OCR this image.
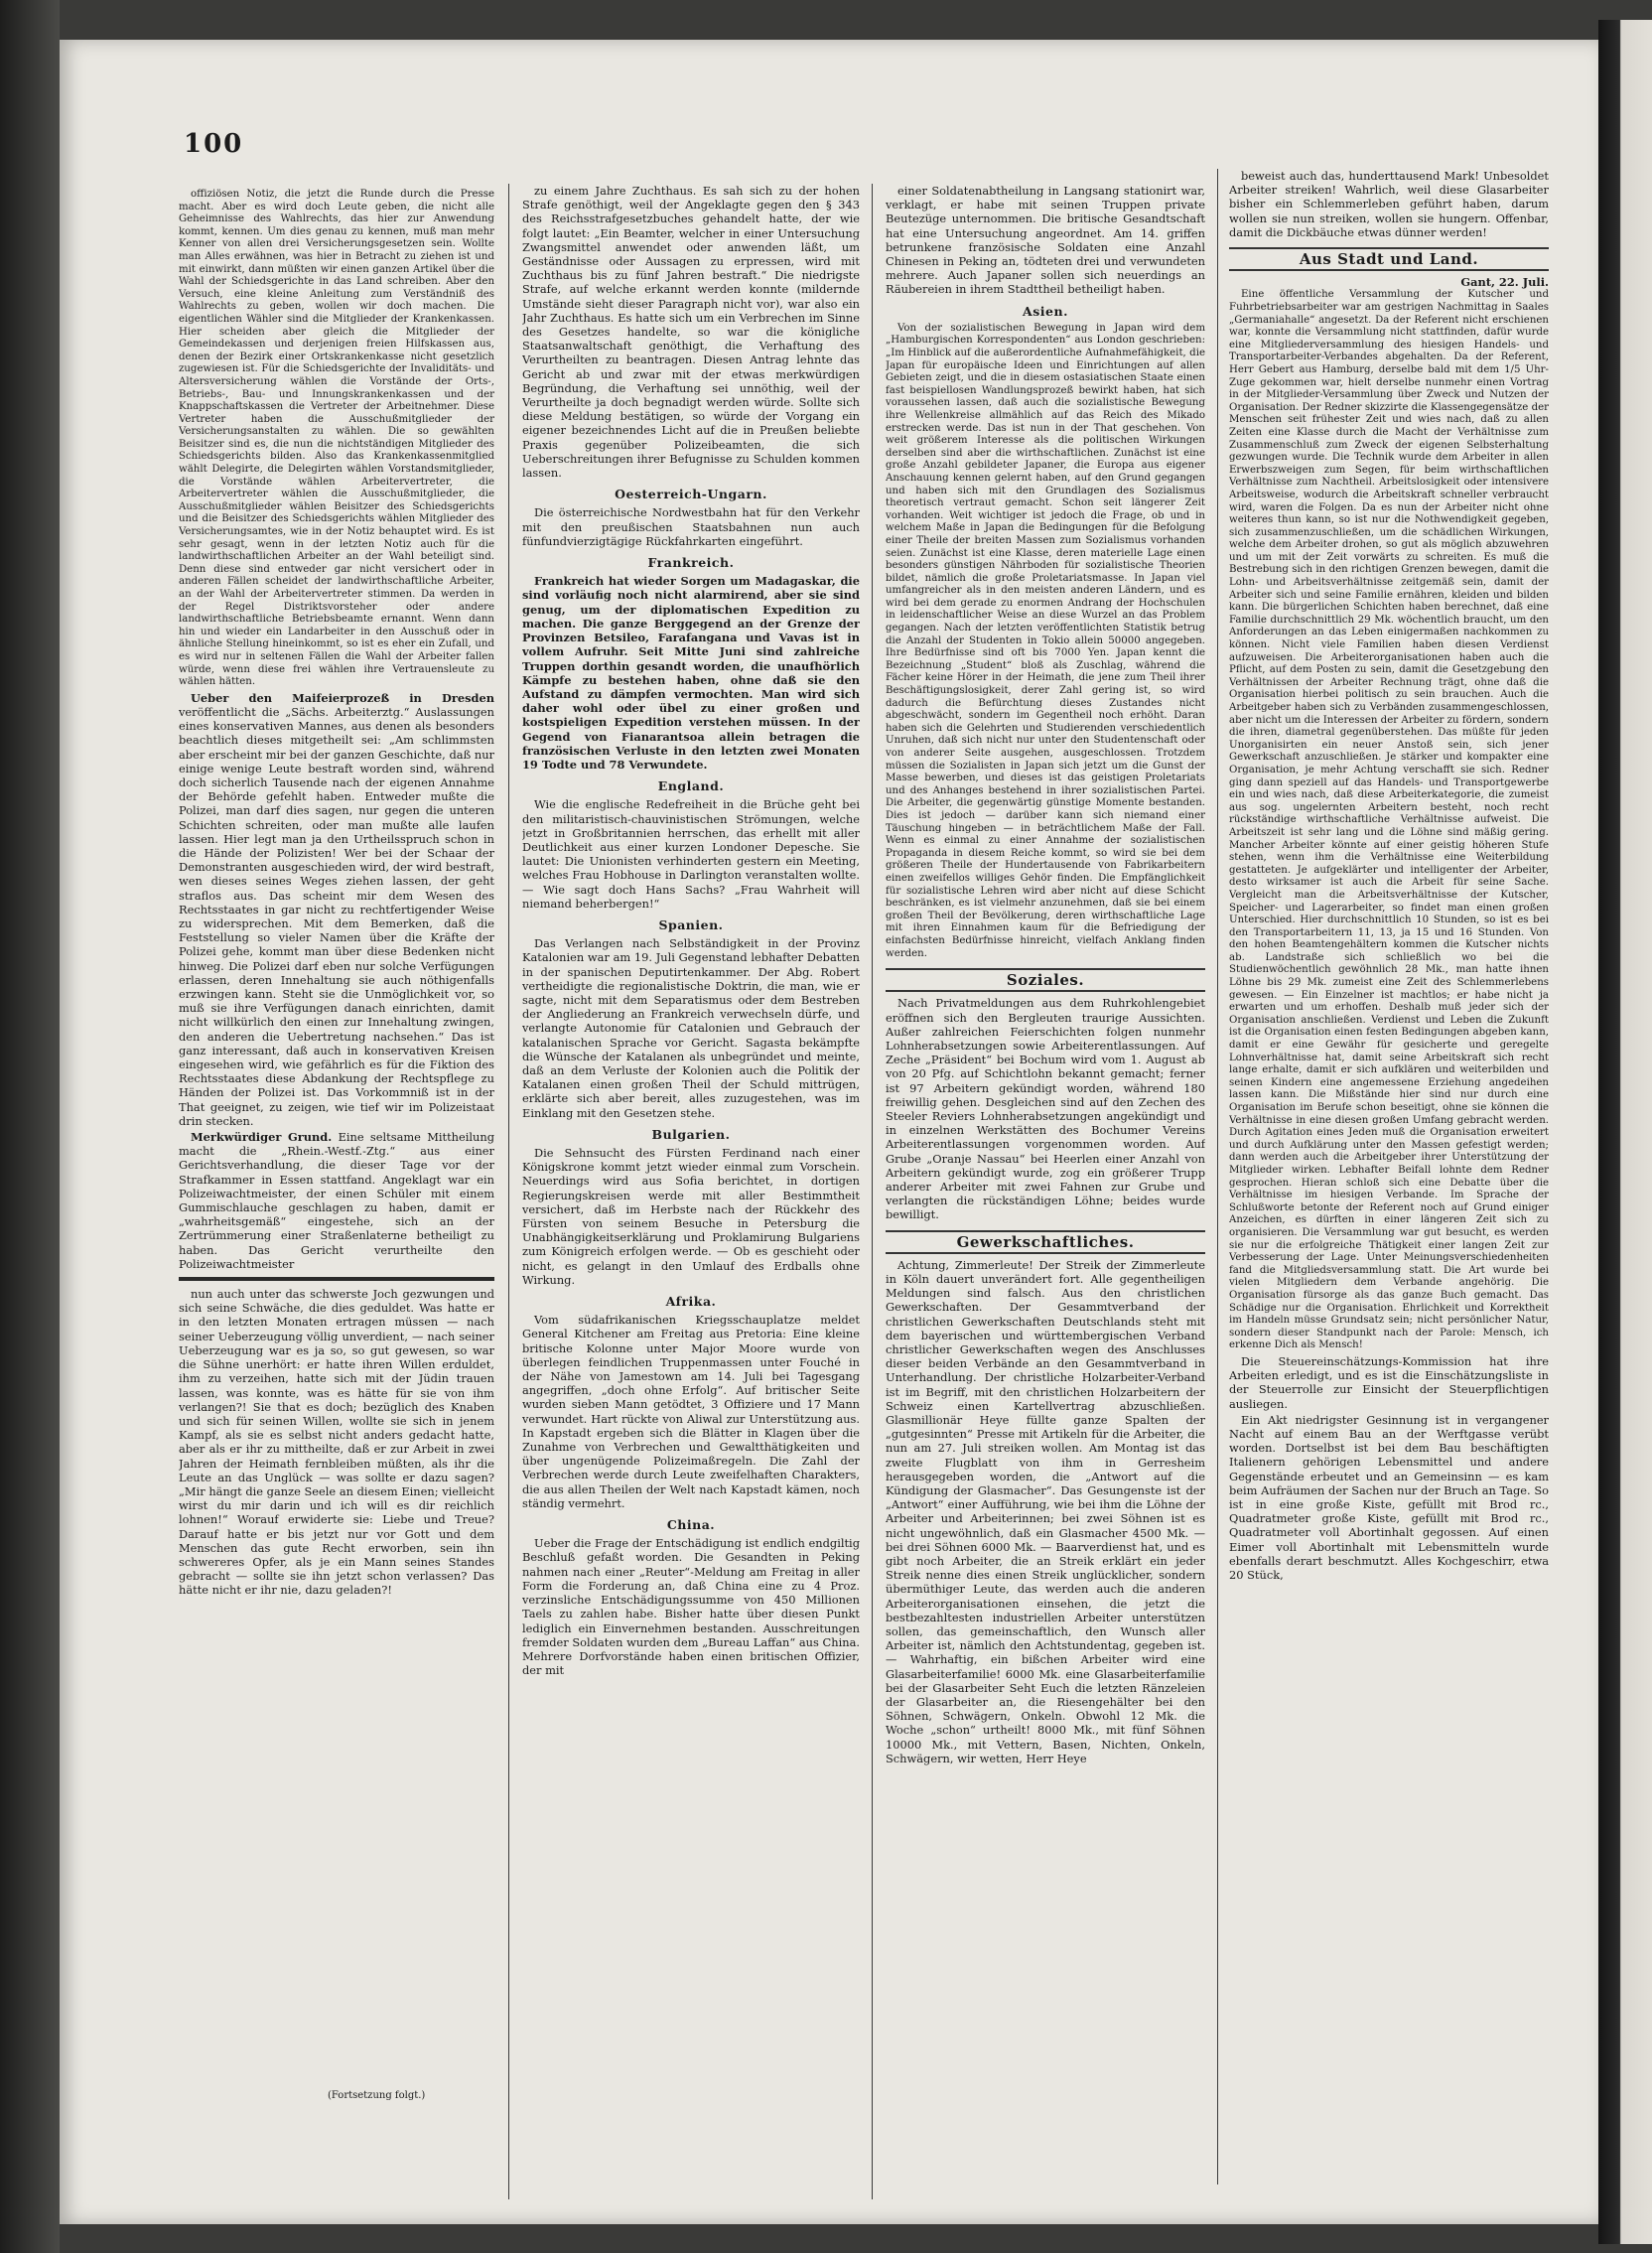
100

offiziösen Notiz, die jetzt die Runde durch die Presse macht. Aber es wird doch Leute geben, die nicht alle Geheimnisse des Wahlrechts, das hier zur Anwendung kommt, kennen. Um dies genau zu kennen, muß man mehr Kenner von allen drei Versicherungsgesetzen sein. Wollte man Alles erwähnen, was hier in Betracht zu ziehen ist und mit einwirkt, dann müßten wir einen ganzen Artikel über die Wahl der Schiedsgerichte in das Land schreiben. Aber den Versuch, eine kleine Anleitung zum Verständniß des Wahlrechts zu geben, wollen wir doch machen. Die eigentlichen Wähler sind die Mitglieder der Krankenkassen. Hier scheiden aber gleich die Mitglieder der Gemeindekassen und derjenigen freien Hilfskassen aus, denen der Bezirk einer Ortskrankenkasse nicht gesetzlich zugewiesen ist. Für die Schiedsgerichte der Invaliditäts- und Altersversicherung wählen die Vorstände der Orts-, Betriebs-, Bau- und Innungskrankenkassen und der Knappschaftskassen die Vertreter der Arbeitnehmer. Diese Vertreter haben die Ausschußmitglieder der Versicherungsanstalten zu wählen. Die so gewählten Beisitzer sind es, die nun die nichtständigen Mitglieder des Schiedsgerichts bilden. Also das Krankenkassenmitglied wählt Delegirte, die Delegirten wählen Vorstandsmitglieder, die Vorstände wählen Arbeitervertreter, die Arbeitervertreter wählen die Ausschußmitglieder, die Ausschußmitglieder wählen Beisitzer des Schiedsgerichts und die Beisitzer des Schiedsgerichts wählen Mitglieder des Versicherungsamtes, wie in der Notiz behauptet wird. Es ist sehr gesagt, wenn in der letzten Notiz auch für die landwirthschaftlichen Arbeiter an der Wahl beteiligt sind. Denn diese sind entweder gar nicht versichert oder in anderen Fällen scheidet der landwirthschaftliche Arbeiter, an der Wahl der Arbeitervertreter stimmen. Da werden in der Regel Distriktsvorsteher oder andere landwirthschaftliche Betriebsbeamte ernannt. Wenn dann hin und wieder ein Landarbeiter in den Ausschuß oder in ähnliche Stellung hineinkommt, so ist es eher ein Zufall, und es wird nur in seltenen Fällen die Wahl der Arbeiter fallen würde, wenn diese frei wählen ihre Vertrauensleute zu wählen hätten.

Ueber den Maifeierprozeß in Dresden veröffentlicht die „Sächs. Arbeiterztg.“ Auslassungen eines konservativen Mannes, aus denen als besonders beachtlich dieses mitgetheilt sei: „Am schlimmsten aber erscheint mir bei der ganzen Geschichte, daß nur einige wenige Leute bestraft worden sind, während doch sicherlich Tausende nach der eigenen Annahme der Behörde gefehlt haben. Entweder mußte die Polizei, man darf dies sagen, nur gegen die unteren Schichten schreiten, oder man mußte alle laufen lassen. Hier legt man ja den Urtheilsspruch schon in die Hände der Polizisten! Wer bei der Schaar der Demonstranten ausgeschieden wird, der wird bestraft, wen dieses seines Weges ziehen lassen, der geht straflos aus. Das scheint mir dem Wesen des Rechtsstaates in gar nicht zu rechtfertigender Weise zu widersprechen. Mit dem Bemerken, daß die Feststellung so vieler Namen über die Kräfte der Polizei gehe, kommt man über diese Bedenken nicht hinweg. Die Polizei darf eben nur solche Verfügungen erlassen, deren Innehaltung sie auch nöthigenfalls erzwingen kann. Steht sie die Unmöglichkeit vor, so muß sie ihre Verfügungen danach einrichten, damit nicht willkürlich den einen zur Innehaltung zwingen, den anderen die Uebertretung nachsehen.“ Das ist ganz interessant, daß auch in konservativen Kreisen eingesehen wird, wie gefährlich es für die Fiktion des Rechtsstaates diese Abdankung der Rechtspflege zu Händen der Polizei ist. Das Vorkommniß ist in der That geeignet, zu zeigen, wie tief wir im Polizeistaat drin stecken.

Merkwürdiger Grund. Eine seltsame Mittheilung macht die „Rhein.-Westf.-Ztg.“ aus einer Gerichtsverhandlung, die dieser Tage vor der Strafkammer in Essen stattfand. Angeklagt war ein Polizeiwachtmeister, der einen Schüler mit einem Gummischlauche geschlagen zu haben, damit er „wahrheitsgemäß“ eingestehe, sich an der Zertrümmerung einer Straßenlaterne betheiligt zu haben. Das Gericht verurtheilte den Polizeiwachtmeister

nun auch unter das schwerste Joch gezwungen und sich seine Schwäche, die dies geduldet. Was hatte er in den letzten Monaten ertragen müssen — nach seiner Ueberzeugung völlig unverdient, — nach seiner Ueberzeugung war es ja so, so gut gewesen, so war die Sühne unerhört: er hatte ihren Willen erduldet, ihm zu verzeihen, hatte sich mit der Jüdin trauen lassen, was konnte, was es hätte für sie von ihm verlangen?! Sie that es doch; bezüglich des Knaben und sich für seinen Willen, wollte sie sich in jenem Kampf, als sie es selbst nicht anders gedacht hatte, aber als er ihr zu mittheilte, daß er zur Arbeit in zwei Jahren der Heimath fernbleiben müßten, als ihr die Leute an das Unglück — was sollte er dazu sagen? „Mir hängt die ganze Seele an diesem Einen; vielleicht wirst du mir darin und ich will es dir reichlich lohnen!“ Worauf erwiderte sie: Liebe und Treue? Darauf hatte er bis jetzt nur vor Gott und dem Menschen das gute Recht erworben, sein ihn schwereres Opfer, als je ein Mann seines Standes gebracht — sollte sie ihn jetzt schon verlassen? Das hätte nicht er ihr nie, dazu geladen?!

(Fortsetzung folgt.)

zu einem Jahre Zuchthaus. Es sah sich zu der hohen Strafe genöthigt, weil der Angeklagte gegen den § 343 des Reichsstrafgesetzbuches gehandelt hatte, der wie folgt lautet: „Ein Beamter, welcher in einer Untersuchung Zwangsmittel anwendet oder anwenden läßt, um Geständnisse oder Aussagen zu erpressen, wird mit Zuchthaus bis zu fünf Jahren bestraft.“ Die niedrigste Strafe, auf welche erkannt werden konnte (mildernde Umstände sieht dieser Paragraph nicht vor), war also ein Jahr Zuchthaus. Es hatte sich um ein Verbrechen im Sinne des Gesetzes handelte, so war die königliche Staatsanwaltschaft genöthigt, die Verhaftung des Verurtheilten zu beantragen. Diesen Antrag lehnte das Gericht ab und zwar mit der etwas merkwürdigen Begründung, die Verhaftung sei unnöthig, weil der Verurtheilte ja doch begnadigt werden würde. Sollte sich diese Meldung bestätigen, so würde der Vorgang ein eigener bezeichnendes Licht auf die in Preußen beliebte Praxis gegenüber Polizeibeamten, die sich Ueberschreitungen ihrer Befugnisse zu Schulden kommen lassen.

Oesterreich-Ungarn.

Die österreichische Nordwestbahn hat für den Verkehr mit den preußischen Staatsbahnen nun auch fünfundvierzigtägige Rückfahrkarten eingeführt.

Frankreich.

Frankreich hat wieder Sorgen um Madagaskar, die sind vorläufig noch nicht alarmirend, aber sie sind genug, um der diplomatischen Expedition zu machen. Die ganze Berggegend an der Grenze der Provinzen Betsileo, Farafangana und Vavas ist in vollem Aufruhr. Seit Mitte Juni sind zahlreiche Truppen dorthin gesandt worden, die unaufhörlich Kämpfe zu bestehen haben, ohne daß sie den Aufstand zu dämpfen vermochten. Man wird sich daher wohl oder übel zu einer großen und kostspieligen Expedition verstehen müssen. In der Gegend von Fianarantsoa allein betragen die französischen Verluste in den letzten zwei Monaten 19 Todte und 78 Verwundete.

England.

Wie die englische Redefreiheit in die Brüche geht bei den militaristisch-chauvinistischen Strömungen, welche jetzt in Großbritannien herrschen, das erhellt mit aller Deutlichkeit aus einer kurzen Londoner Depesche. Sie lautet: Die Unionisten verhinderten gestern ein Meeting, welches Frau Hobhouse in Darlington veranstalten wollte. — Wie sagt doch Hans Sachs? „Frau Wahrheit will niemand beherbergen!“

Spanien.

Das Verlangen nach Selbständigkeit in der Provinz Katalonien war am 19. Juli Gegenstand lebhafter Debatten in der spanischen Deputirtenkammer. Der Abg. Robert vertheidigte die regionalistische Doktrin, die man, wie er sagte, nicht mit dem Separatismus oder dem Bestreben der Angliederung an Frankreich verwechseln dürfe, und verlangte Autonomie für Catalonien und Gebrauch der katalanischen Sprache vor Gericht. Sagasta bekämpfte die Wünsche der Katalanen als unbegründet und meinte, daß an dem Verluste der Kolonien auch die Politik der Katalanen einen großen Theil der Schuld mittrügen, erklärte sich aber bereit, alles zuzugestehen, was im Einklang mit den Gesetzen stehe.

Bulgarien.

Die Sehnsucht des Fürsten Ferdinand nach einer Königskrone kommt jetzt wieder einmal zum Vorschein. Neuerdings wird aus Sofia berichtet, in dortigen Regierungskreisen werde mit aller Bestimmtheit versichert, daß im Herbste nach der Rückkehr des Fürsten von seinem Besuche in Petersburg die Unabhängigkeitserklärung und Proklamirung Bulgariens zum Königreich erfolgen werde. — Ob es geschieht oder nicht, es gelangt in den Umlauf des Erdballs ohne Wirkung.

Afrika.

Vom südafrikanischen Kriegsschauplatze meldet General Kitchener am Freitag aus Pretoria: Eine kleine britische Kolonne unter Major Moore wurde von überlegen feindlichen Truppenmassen unter Fouché in der Nähe von Jamestown am 14. Juli bei Tagesgang angegriffen, „doch ohne Erfolg“. Auf britischer Seite wurden sieben Mann getödtet, 3 Offiziere und 17 Mann verwundet. Hart rückte von Aliwal zur Unterstützung aus. In Kapstadt ergeben sich die Blätter in Klagen über die Zunahme von Verbrechen und Gewaltthätigkeiten und über ungenügende Polizeimaßregeln. Die Zahl der Verbrechen werde durch Leute zweifelhaften Charakters, die aus allen Theilen der Welt nach Kapstadt kämen, noch ständig vermehrt.

China.

Ueber die Frage der Entschädigung ist endlich endgiltig Beschluß gefaßt worden. Die Gesandten in Peking nahmen nach einer „Reuter“-Meldung am Freitag in aller Form die Forderung an, daß China eine zu 4 Proz. verzinsliche Entschädigungssumme von 450 Millionen Taels zu zahlen habe. Bisher hatte über diesen Punkt lediglich ein Einvernehmen bestanden. Ausschreitungen fremder Soldaten wurden dem „Bureau Laffan“ aus China. Mehrere Dorfvorstände haben einen britischen Offizier, der mit

einer Soldatenabtheilung in Langsang stationirt war, verklagt, er habe mit seinen Truppen private Beutezüge unternommen. Die britische Gesandtschaft hat eine Untersuchung angeordnet. Am 14. griffen betrunkene französische Soldaten eine Anzahl Chinesen in Peking an, tödteten drei und verwundeten mehrere. Auch Japaner sollen sich neuerdings an Räubereien in ihrem Stadttheil betheiligt haben.

Asien.

Von der sozialistischen Bewegung in Japan wird dem „Hamburgischen Korrespondenten“ aus London geschrieben: „Im Hinblick auf die außerordentliche Aufnahmefähigkeit, die Japan für europäische Ideen und Einrichtungen auf allen Gebieten zeigt, und die in diesem ostasiatischen Staate einen fast beispiellosen Wandlungsprozeß bewirkt haben, hat sich voraussehen lassen, daß auch die sozialistische Bewegung ihre Wellenkreise allmählich auf das Reich des Mikado erstrecken werde. Das ist nun in der That geschehen. Von weit größerem Interesse als die politischen Wirkungen derselben sind aber die wirthschaftlichen. Zunächst ist eine große Anzahl gebildeter Japaner, die Europa aus eigener Anschauung kennen gelernt haben, auf den Grund gegangen und haben sich mit den Grundlagen des Sozialismus theoretisch vertraut gemacht. Schon seit längerer Zeit vorhanden. Weit wichtiger ist jedoch die Frage, ob und in welchem Maße in Japan die Bedingungen für die Befolgung einer Theile der breiten Massen zum Sozialismus vorhanden seien. Zunächst ist eine Klasse, deren materielle Lage einen besonders günstigen Nährboden für sozialistische Theorien bildet, nämlich die große Proletariatsmasse. In Japan viel umfangreicher als in den meisten anderen Ländern, und es wird bei dem gerade zu enormen Andrang der Hochschulen in leidenschaftlicher Weise an diese Wurzel an das Problem gegangen. Nach der letzten veröffentlichten Statistik betrug die Anzahl der Studenten in Tokio allein 50000 angegeben. Ihre Bedürfnisse sind oft bis 7000 Yen. Japan kennt die Bezeichnung „Student“ bloß als Zuschlag, während die Fächer keine Hörer in der Heimath, die jene zum Theil ihrer Beschäftigungslosigkeit, derer Zahl gering ist, so wird dadurch die Befürchtung dieses Zustandes nicht abgeschwächt, sondern im Gegentheil noch erhöht. Daran haben sich die Gelehrten und Studierenden verschiedentlich Unruhen, daß sich nicht nur unter den Studentenschaft oder von anderer Seite ausgehen, ausgeschlossen. Trotzdem müssen die Sozialisten in Japan sich jetzt um die Gunst der Masse bewerben, und dieses ist das geistigen Proletariats und des Anhanges bestehend in ihrer sozialistischen Partei. Die Arbeiter, die gegenwärtig günstige Momente bestanden. Dies ist jedoch — darüber kann sich niemand einer Täuschung hingeben — in beträchtlichem Maße der Fall. Wenn es einmal zu einer Annahme der sozialistischen Propaganda in diesem Reiche kommt, so wird sie bei dem größeren Theile der Hundertausende von Fabrikarbeitern einen zweifellos williges Gehör finden. Die Empfänglichkeit für sozialistische Lehren wird aber nicht auf diese Schicht beschränken, es ist vielmehr anzunehmen, daß sie bei einem großen Theil der Bevölkerung, deren wirthschaftliche Lage mit ihren Einnahmen kaum für die Befriedigung der einfachsten Bedürfnisse hinreicht, vielfach Anklang finden werden.

Soziales.

Nach Privatmeldungen aus dem Ruhrkohlengebiet eröffnen sich den Bergleuten traurige Aussichten. Außer zahlreichen Feierschichten folgen nunmehr Lohnherabsetzungen sowie Arbeiterentlassungen. Auf Zeche „Präsident“ bei Bochum wird vom 1. August ab von 20 Pfg. auf Schichtlohn bekannt gemacht; ferner ist 97 Arbeitern gekündigt worden, während 180 freiwillig gehen. Desgleichen sind auf den Zechen des Steeler Reviers Lohnherabsetzungen angekündigt und in einzelnen Werkstätten des Bochumer Vereins Arbeiterentlassungen vorgenommen worden. Auf Grube „Oranje Nassau“ bei Heerlen einer Anzahl von Arbeitern gekündigt wurde, zog ein größerer Trupp anderer Arbeiter mit zwei Fahnen zur Grube und verlangten die rückständigen Löhne; beides wurde bewilligt.

Gewerkschaftliches.

Achtung, Zimmerleute! Der Streik der Zimmerleute in Köln dauert unverändert fort. Alle gegentheiligen Meldungen sind falsch. Aus den christlichen Gewerkschaften. Der Gesammtverband der christlichen Gewerkschaften Deutschlands steht mit dem bayerischen und württembergischen Verband christlicher Gewerkschaften wegen des Anschlusses dieser beiden Verbände an den Gesammtverband in Unterhandlung. Der christliche Holzarbeiter-Verband ist im Begriff, mit den christlichen Holzarbeitern der Schweiz einen Kartellvertrag abzuschließen. Glasmillionär Heye füllte ganze Spalten der „gutgesinnten“ Presse mit Artikeln für die Arbeiter, die nun am 27. Juli streiken wollen. Am Montag ist das zweite Flugblatt von ihm in Gerresheim herausgegeben worden, die „Antwort auf die Kündigung der Glasmacher“. Das Gesungenste ist der „Antwort“ einer Aufführung, wie bei ihm die Löhne der Arbeiter und Arbeiterinnen; bei zwei Söhnen ist es nicht ungewöhnlich, daß ein Glasmacher 4500 Mk. — bei drei Söhnen 6000 Mk. — Baarverdienst hat, und es gibt noch Arbeiter, die an Streik erklärt ein jeder Streik nenne dies einen Streik unglücklicher, sondern übermüthiger Leute, das werden auch die anderen Arbeiterorganisationen einsehen, die jetzt die bestbezahltesten industriellen Arbeiter unterstützen sollen, das gemeinschaftlich, den Wunsch aller Arbeiter ist, nämlich den Achtstundentag, gegeben ist. — Wahrhaftig, ein bißchen Arbeiter wird eine Glasarbeiterfamilie! 6000 Mk. eine Glasarbeiterfamilie bei der Glasarbeiter Seht Euch die letzten Ränzeleien der Glasarbeiter an, die Riesengehälter bei den Söhnen, Schwägern, Onkeln. Obwohl 12 Mk. die Woche „schon“ urtheilt! 8000 Mk., mit fünf Söhnen 10000 Mk., mit Vettern, Basen, Nichten, Onkeln, Schwägern, wir wetten, Herr Heye

beweist auch das, hunderttausend Mark! Unbesoldet Arbeiter streiken! Wahrlich, weil diese Glasarbeiter bisher ein Schlemmerleben geführt haben, darum wollen sie nun streiken, wollen sie hungern. Offenbar, damit die Dickbäuche etwas dünner werden!

Aus Stadt und Land.
Gant, 22. Juli.

Eine öffentliche Versammlung der Kutscher und Fuhrbetriebsarbeiter war am gestrigen Nachmittag in Saales „Germaniahalle“ angesetzt. Da der Referent nicht erschienen war, konnte die Versammlung nicht stattfinden, dafür wurde eine Mitgliederversammlung des hiesigen Handels- und Transportarbeiter-Verbandes abgehalten. Da der Referent, Herr Gebert aus Hamburg, derselbe bald mit dem 1/5 Uhr-Zuge gekommen war, hielt derselbe nunmehr einen Vortrag in der Mitglieder-Versammlung über Zweck und Nutzen der Organisation. Der Redner skizzirte die Klassengegensätze der Menschen seit frühester Zeit und wies nach, daß zu allen Zeiten eine Klasse durch die Macht der Verhältnisse zum Zusammenschluß zum Zweck der eigenen Selbsterhaltung gezwungen wurde. Die Technik wurde dem Arbeiter in allen Erwerbszweigen zum Segen, für beim wirthschaftlichen Verhältnisse zum Nachtheil. Arbeitslosigkeit oder intensivere Arbeitsweise, wodurch die Arbeitskraft schneller verbraucht wird, waren die Folgen. Da es nun der Arbeiter nicht ohne weiteres thun kann, so ist nur die Nothwendigkeit gegeben, sich zusammenzuschließen, um die schädlichen Wirkungen, welche dem Arbeiter drohen, so gut als möglich abzuwehren und um mit der Zeit vorwärts zu schreiten. Es muß die Bestrebung sich in den richtigen Grenzen bewegen, damit die Lohn- und Arbeitsverhältnisse zeitgemäß sein, damit der Arbeiter sich und seine Familie ernähren, kleiden und bilden kann. Die bürgerlichen Schichten haben berechnet, daß eine Familie durchschnittlich 29 Mk. wöchentlich braucht, um den Anforderungen an das Leben einigermaßen nachkommen zu können. Nicht viele Familien haben diesen Verdienst aufzuweisen. Die Arbeiterorganisationen haben auch die Pflicht, auf dem Posten zu sein, damit die Gesetzgebung den Verhältnissen der Arbeiter Rechnung trägt, ohne daß die Organisation hierbei politisch zu sein brauchen. Auch die Arbeitgeber haben sich zu Verbänden zusammengeschlossen, aber nicht um die Interessen der Arbeiter zu fördern, sondern die ihren, diametral gegenüberstehen. Das müßte für jeden Unorganisirten ein neuer Anstoß sein, sich jener Gewerkschaft anzuschließen. Je stärker und kompakter eine Organisation, je mehr Achtung verschafft sie sich. Redner ging dann speziell auf das Handels- und Transportgewerbe ein und wies nach, daß diese Arbeiterkategorie, die zumeist aus sog. ungelernten Arbeitern besteht, noch recht rückständige wirthschaftliche Verhältnisse aufweist. Die Arbeitszeit ist sehr lang und die Löhne sind mäßig gering. Mancher Arbeiter könnte auf einer geistig höheren Stufe stehen, wenn ihm die Verhältnisse eine Weiterbildung gestatteten. Je aufgeklärter und intelligenter der Arbeiter, desto wirksamer ist auch die Arbeit für seine Sache. Vergleicht man die Arbeitsverhältnisse der Kutscher, Speicher- und Lagerarbeiter, so findet man einen großen Unterschied. Hier durchschnittlich 10 Stunden, so ist es bei den Transportarbeitern 11, 13, ja 15 und 16 Stunden. Von den hohen Beamtengehältern kommen die Kutscher nichts ab. Landstraße sich schließlich wo bei die Studienwöchentlich gewöhnlich 28 Mk., man hatte ihnen Löhne bis 29 Mk. zumeist eine Zeit des Schlemmerlebens gewesen. — Ein Einzelner ist machtlos; er habe nicht ja erwarten und um erhoffen. Deshalb muß jeder sich der Organisation anschließen. Verdienst und Leben die Zukunft ist die Organisation einen festen Bedingungen abgeben kann, damit er eine Gewähr für gesicherte und geregelte Lohnverhältnisse hat, damit seine Arbeitskraft sich recht lange erhalte, damit er sich aufklären und weiterbilden und seinen Kindern eine angemessene Erziehung angedeihen lassen kann. Die Mißstände hier sind nur durch eine Organisation im Berufe schon beseitigt, ohne sie können die Verhältnisse in eine diesen großen Umfang gebracht werden. Durch Agitation eines Jeden muß die Organisation erweitert und durch Aufklärung unter den Massen gefestigt werden; dann werden auch die Arbeitgeber ihrer Unterstützung der Mitglieder wirken. Lebhafter Beifall lohnte dem Redner gesprochen. Hieran schloß sich eine Debatte über die Verhältnisse im hiesigen Verbande. Im Sprache der Schlußworte betonte der Referent noch auf Grund einiger Anzeichen, es dürften in einer längeren Zeit sich zu organisieren. Die Versammlung war gut besucht, es werden sie nur die erfolgreiche Thätigkeit einer langen Zeit zur Verbesserung der Lage. Unter Meinungsverschiedenheiten fand die Mitgliedsversammlung statt. Die Art wurde bei vielen Mitgliedern dem Verbande angehörig. Die Organisation fürsorge als das ganze Buch gemacht. Das Schädige nur die Organisation. Ehrlichkeit und Korrektheit im Handeln müsse Grundsatz sein; nicht persönlicher Natur, sondern dieser Standpunkt nach der Parole: Mensch, ich erkenne Dich als Mensch!

Die Steuereinschätzungs-Kommission hat ihre Arbeiten erledigt, und es ist die Einschätzungsliste in der Steuerrolle zur Einsicht der Steuerpflichtigen ausliegen.

Ein Akt niedrigster Gesinnung ist in vergangener Nacht auf einem Bau an der Werftgasse verübt worden. Dortselbst ist bei dem Bau beschäftigten Italienern gehörigen Lebensmittel und andere Gegenstände erbeutet und an Gemeinsinn — es kam beim Aufräumen der Sachen nur der Bruch an Tage. So ist in eine große Kiste, gefüllt mit Brod rc., Quadratmeter große Kiste, gefüllt mit Brod rc., Quadratmeter voll Abortinhalt gegossen. Auf einen Eimer voll Abortinhalt mit Lebensmitteln wurde ebenfalls derart beschmutzt. Alles Kochgeschirr, etwa 20 Stück,
